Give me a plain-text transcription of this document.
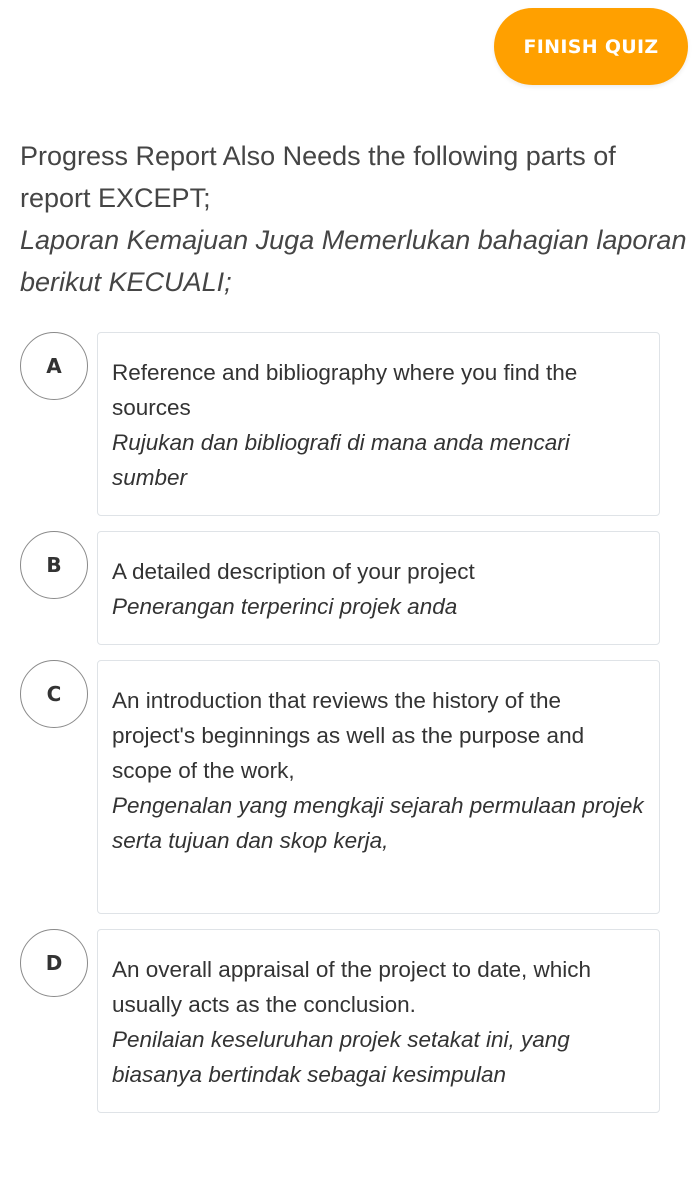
FINISH QUIZ
Progress Report Also Needs the following parts of report EXCEPT;
Laporan Kemajuan Juga Memerlukan bahagian laporan berikut KECUALI;
A	Reference and bibliography where you find the sources
Rujukan dan bibliografi di mana anda mencari sumber
B	A detailed description of your project
Penerangan terperinci projek anda
C	An introduction that reviews the history of the project's beginnings as well as the purpose and scope of the work,
Pengenalan yang mengkaji sejarah permulaan projek serta tujuan dan skop kerja,
D	An overall appraisal of the project to date, which usually acts as the conclusion.
Penilaian keseluruhan projek setakat ini, yang biasanya bertindak sebagai kesimpulan
